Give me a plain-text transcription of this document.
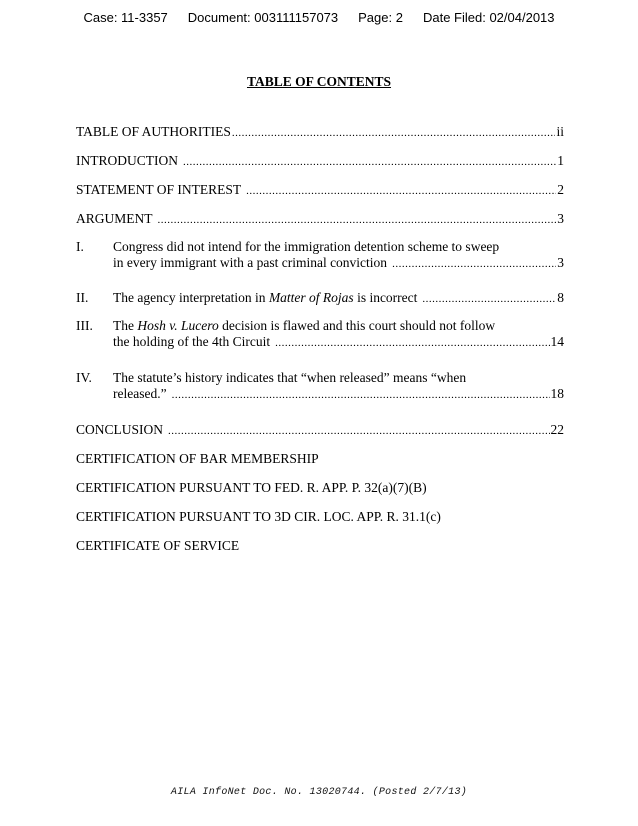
Case: 11-3357 Document: 003111157073 Page: 2 Date Filed: 02/04/2013
TABLE OF CONTENTS
TABLE OF AUTHORITIES .....	ii
INTRODUCTION .....	1
STATEMENT OF INTEREST .....	2
ARGUMENT .....	3
I. Congress did not intend for the immigration detention scheme to sweep
in every immigrant with a past criminal conviction .....	3
II. The agency interpretation in Matter of Rojas is incorrect .....	8
III. The Hosh v. Lucero decision is flawed and this court should not follow
the holding of the 4th Circuit .....	14
IV. The statute’s history indicates that “when released” means “when
released.” .....	18
CONCLUSION .....	22
CERTIFICATION OF BAR MEMBERSHIP
CERTIFICATION PURSUANT TO FED. R. APP. P. 32(a)(7)(B)
CERTIFICATION PURSUANT TO 3D CIR. LOC. APP. R. 31.1(c)
CERTIFICATE OF SERVICE
AILA InfoNet Doc. No. 13020744. (Posted 2/7/13)
